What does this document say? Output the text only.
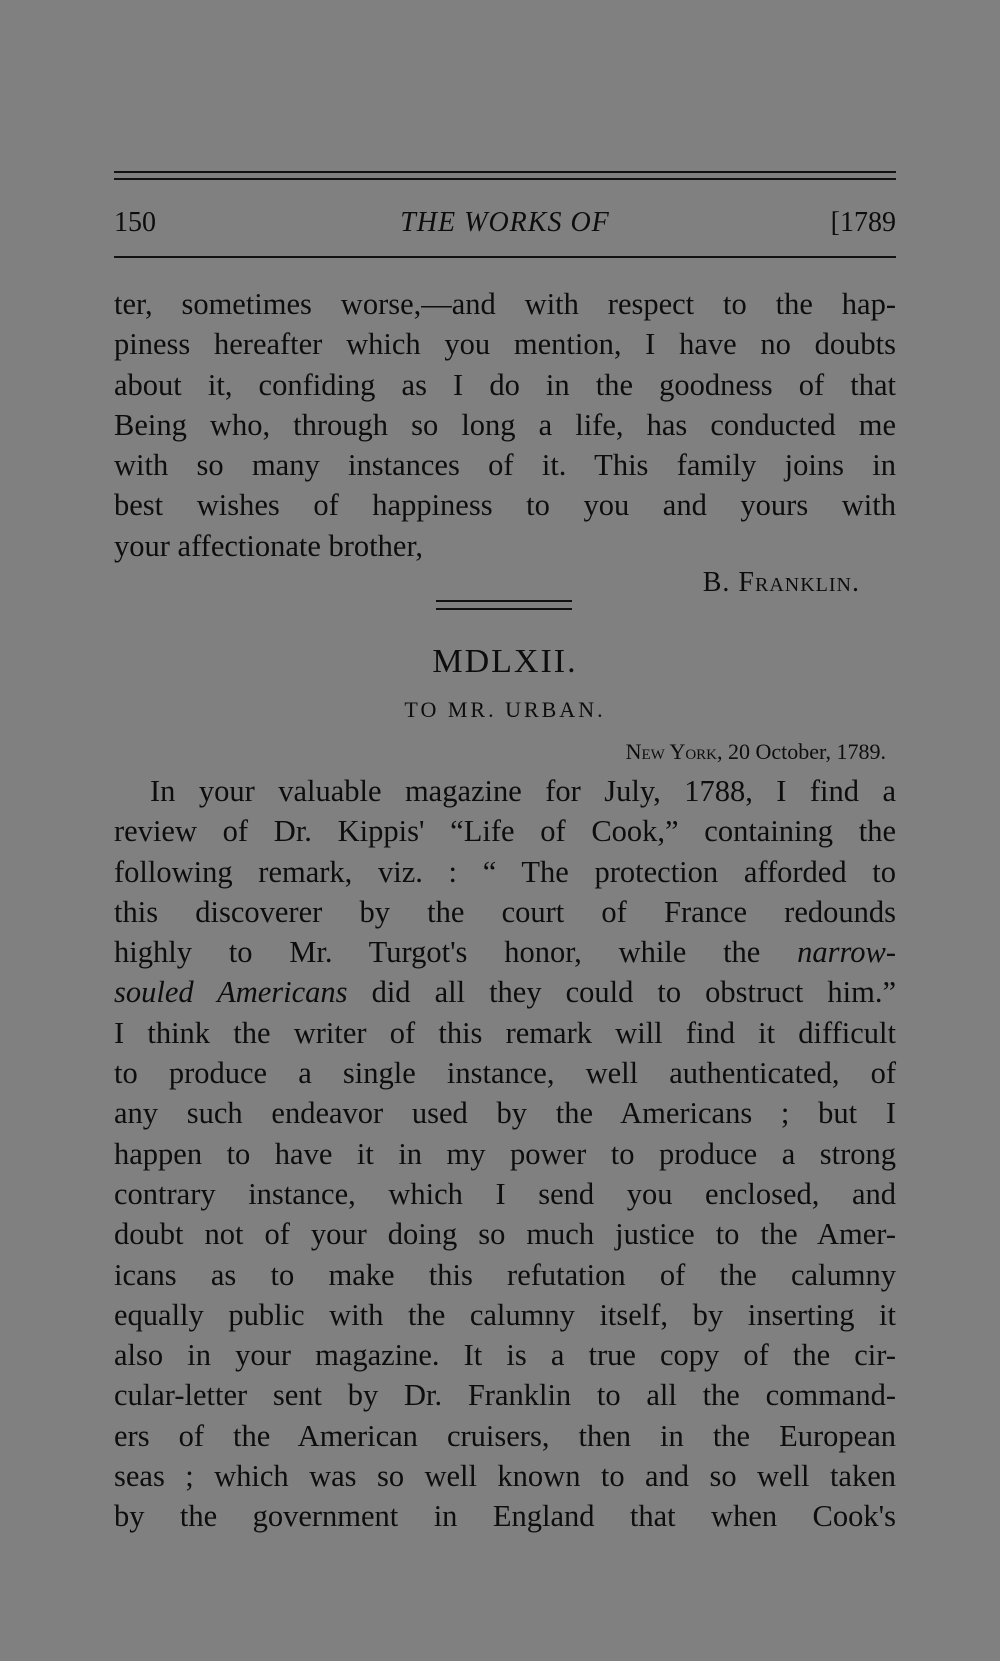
150	THE WORKS OF	[1789
ter, sometimes worse,—and with respect to the hap-
piness hereafter which you mention, I have no doubts
about it, confiding as I do in the goodness of that
Being who, through so long a life, has conducted me
with so many instances of it. This family joins in
best wishes of happiness to you and yours with
your affectionate brother,
B. Franklin.
MDLXII.
TO MR. URBAN.
New York, 20 October, 1789.
In your valuable magazine for July, 1788, I find a
review of Dr. Kippis' “Life of Cook,” containing the
following remark, viz. : “ The protection afforded to
this discoverer by the court of France redounds
highly to Mr. Turgot's honor, while the narrow-
souled Americans did all they could to obstruct him.”
I think the writer of this remark will find it difficult
to produce a single instance, well authenticated, of
any such endeavor used by the Americans ; but I
happen to have it in my power to produce a strong
contrary instance, which I send you enclosed, and
doubt not of your doing so much justice to the Amer-
icans as to make this refutation of the calumny
equally public with the calumny itself, by inserting it
also in your magazine. It is a true copy of the cir-
cular-letter sent by Dr. Franklin to all the command-
ers of the American cruisers, then in the European
seas ; which was so well known to and so well taken
by the government in England that when Cook's
